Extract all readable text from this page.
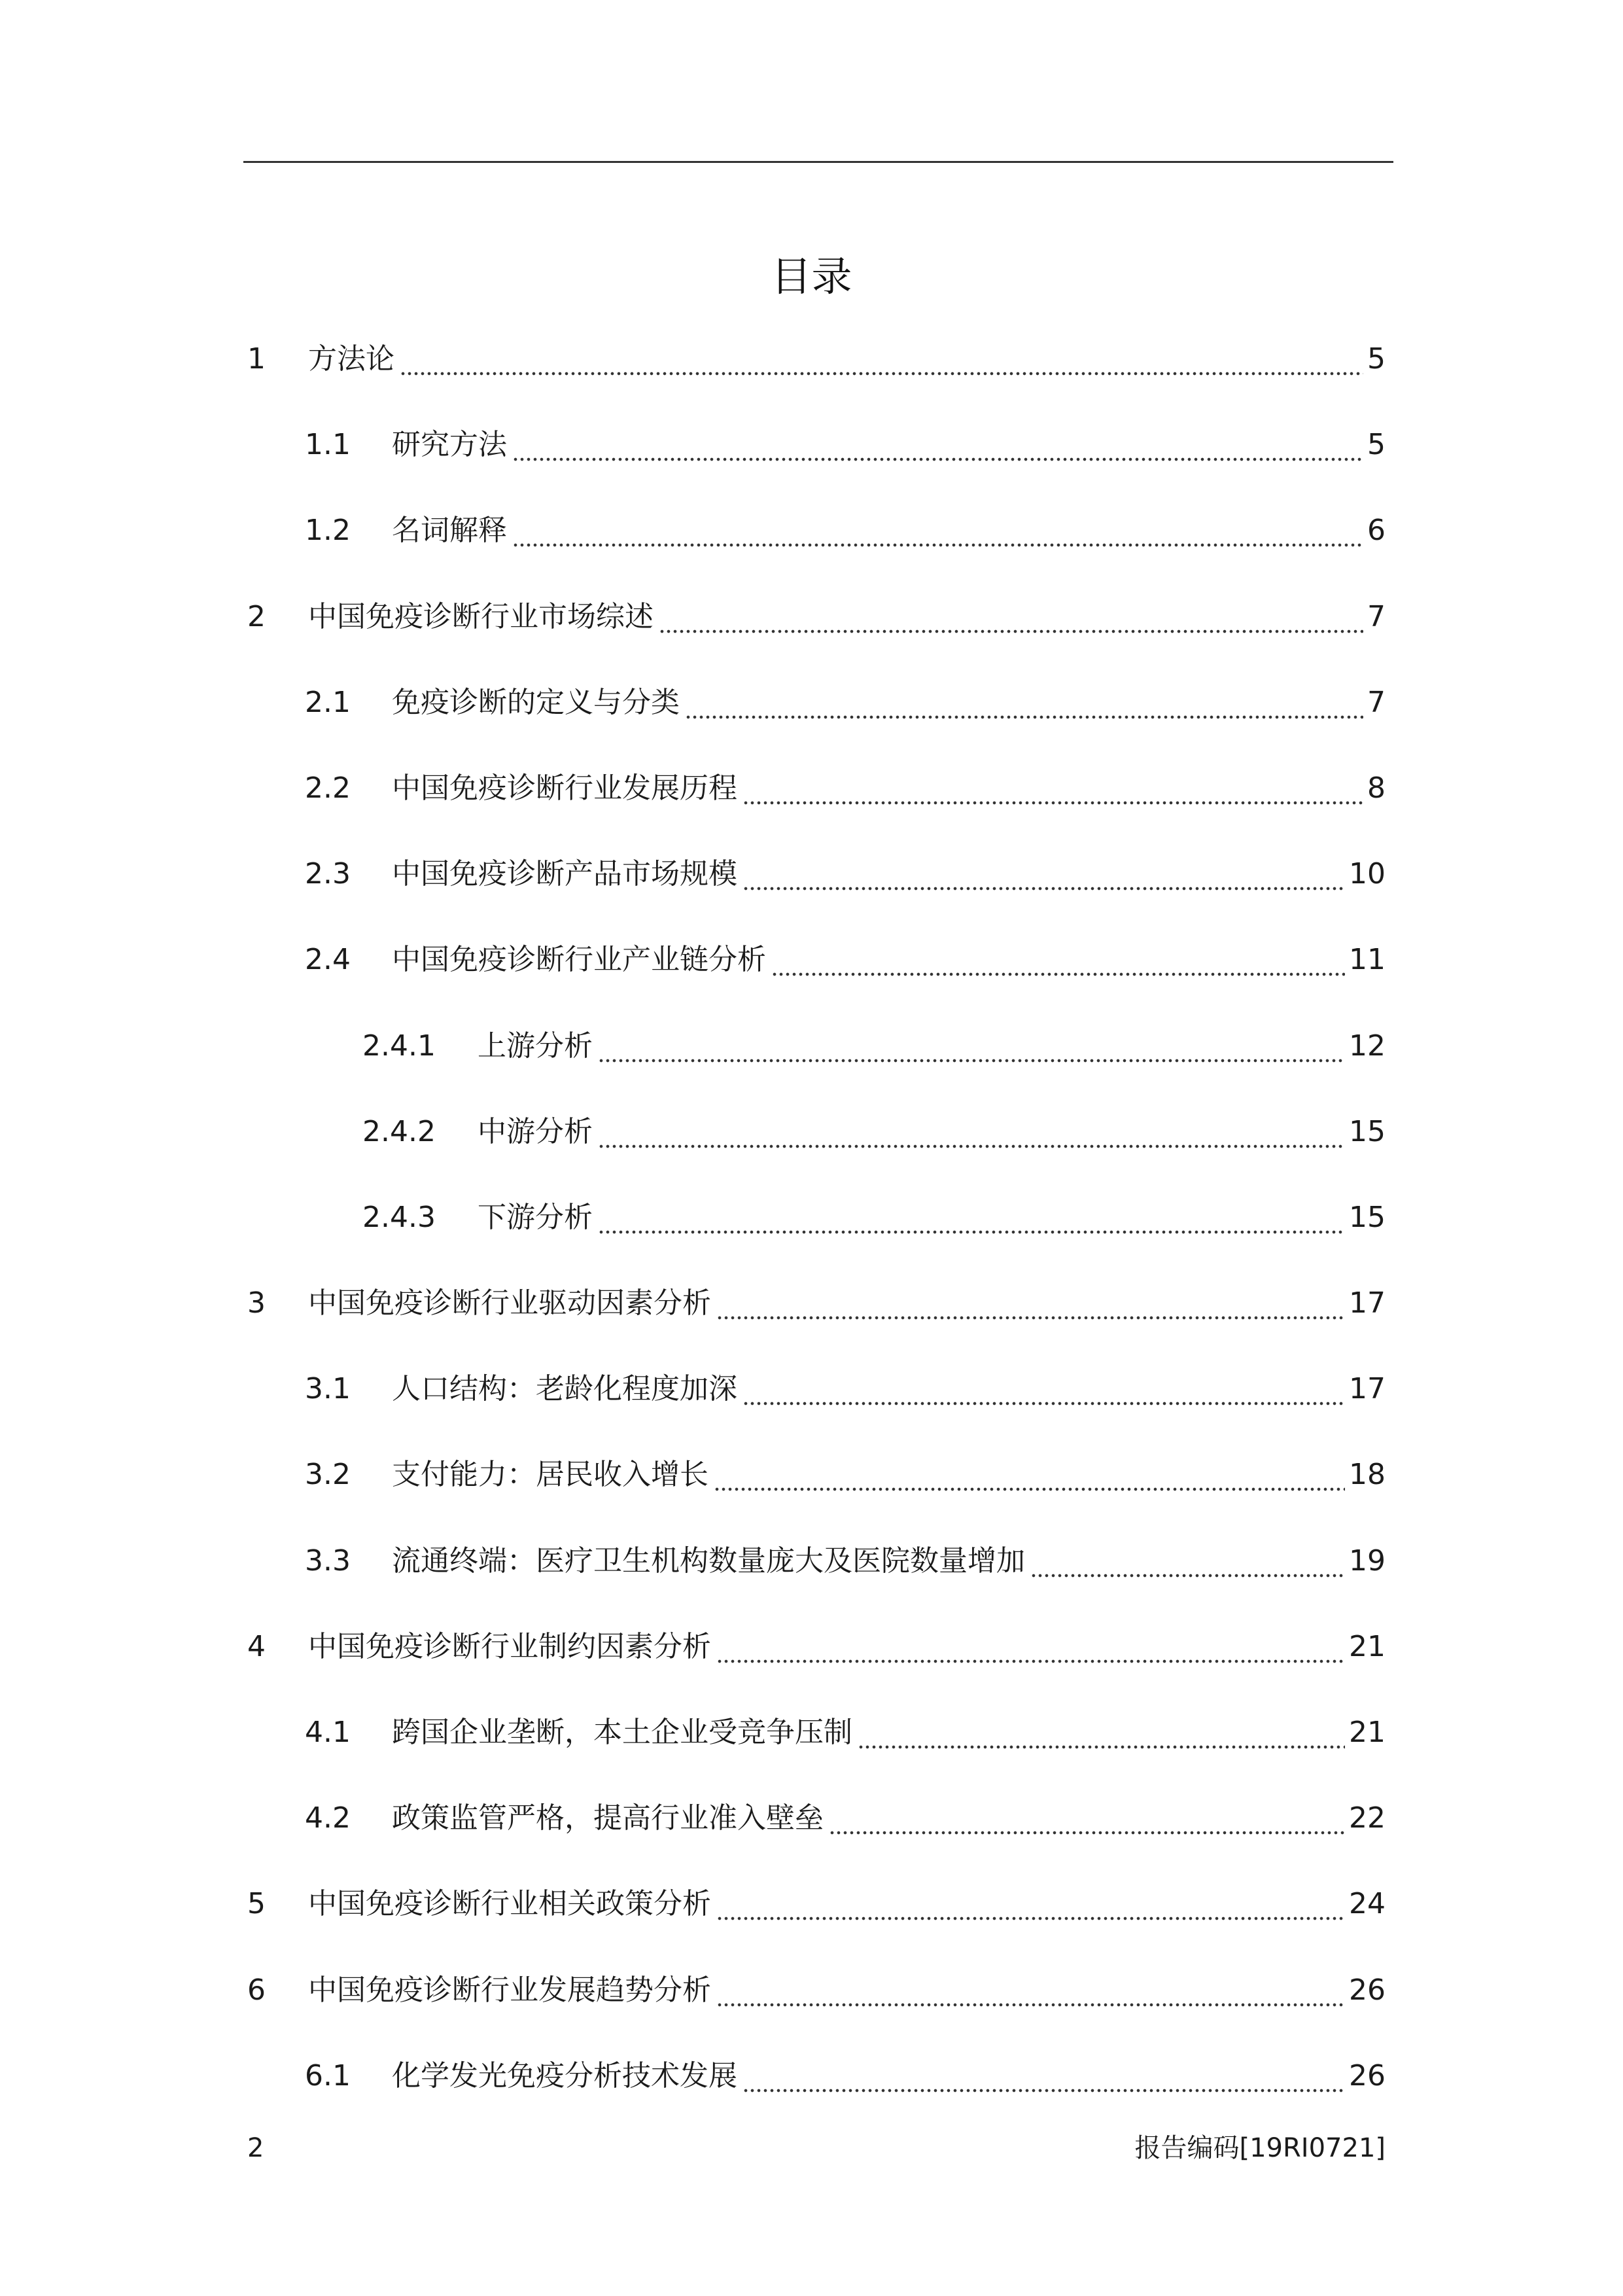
目录
1	方法论	5
1.1	研究方法	5
1.2	名词解释	6
2	中国免疫诊断行业市场综述	7
2.1	免疫诊断的定义与分类	7
2.2	中国免疫诊断行业发展历程	8
2.3	中国免疫诊断产品市场规模	10
2.4	中国免疫诊断行业产业链分析	11
2.4.1	上游分析	12
2.4.2	中游分析	15
2.4.3	下游分析	15
3	中国免疫诊断行业驱动因素分析	17
3.1	人口结构：老龄化程度加深	17
3.2	支付能力：居民收入增长	18
3.3	流通终端：医疗卫生机构数量庞大及医院数量增加	19
4	中国免疫诊断行业制约因素分析	21
4.1	跨国企业垄断，本土企业受竞争压制	21
4.2	政策监管严格，提高行业准入壁垒	22
5	中国免疫诊断行业相关政策分析	24
6	中国免疫诊断行业发展趋势分析	26
6.1	化学发光免疫分析技术发展	26
2	报告编码[19RI0721]
